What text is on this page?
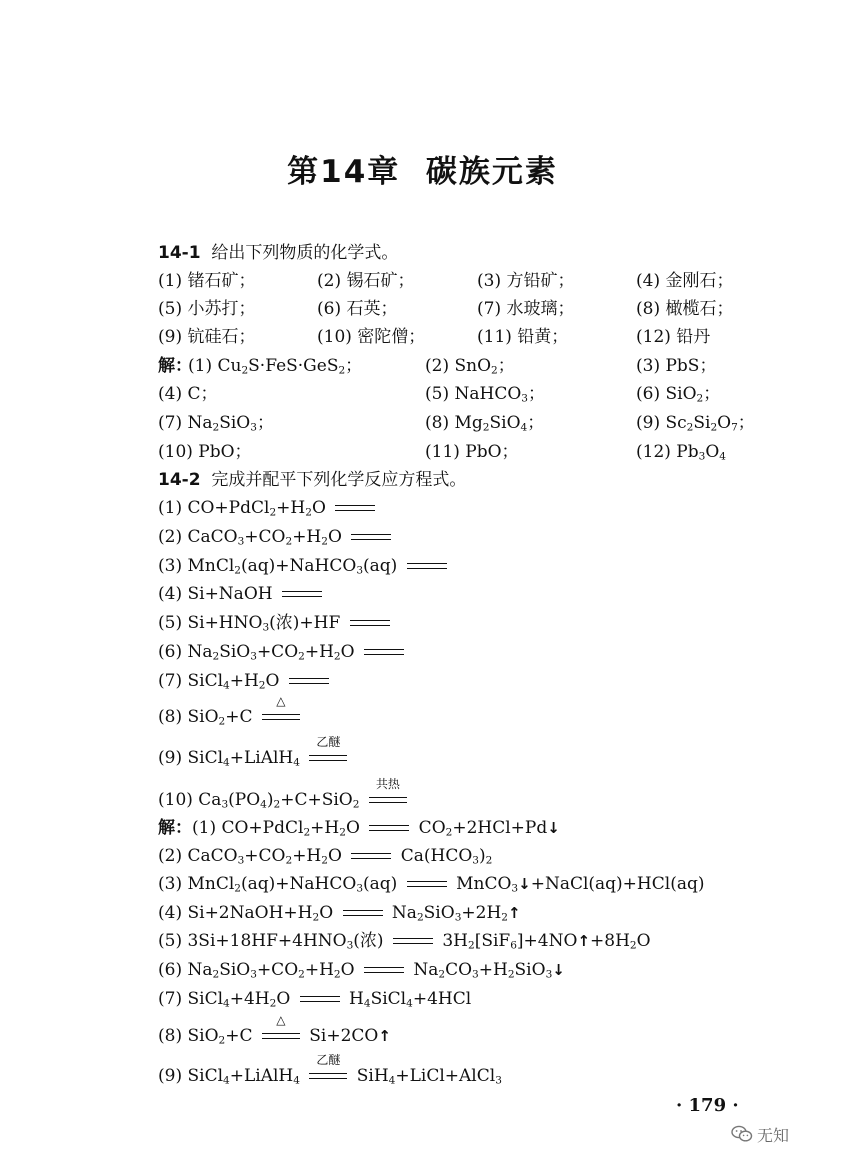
第14章  碳族元素
14-1  给出下列物质的化学式。
(1) 锗石矿；	(2) 锡石矿；	(3) 方铅矿；	(4) 金刚石；
(5) 小苏打；	(6) 石英；	(7) 水玻璃；	(8) 橄榄石；
(9) 钪硅石；	(10) 密陀僧；	(11) 铅黄；	(12) 铅丹
解：
(1) $Cu_2S\cdot FeS\cdot GeS_2$；	(2) SnO$_2$；	(3) PbS；
(4) C；	(5) NaHCO$_3$；	(6) SiO$_2$；
(7) $Na_2SiO_3$；	(8) $Mg_2SiO_4$；	(9) $Sc_2Si_2O_7$；
(10) PbO；	(11) PbO；	(12) $Pb_3O_4$
14-2  完成并配平下列化学反应方程式。
(1) $CO+PdCl_2+H_2O$
(2) $CaCO_3+CO_2+H_2O$
(3) MnCl$_2$(aq)+NaHCO$_3$(aq)
(4) Si+NaOH
(5) $Si+HNO_3$(浓)+HF
(6) $Na_2SiO_3+CO_2+H_2O$
(7) $SiCl_4+H_2O$
(8) SiO$_2$+C
△
(9) SiCl$_4$+LiAlH$_4$
乙醚
(10) $Ca_3(PO_4)_2+C+SiO_2$
共热
解：(1) $CO+PdCl_2+H_2O$	$CO_2+2HCl+Pd↓$
(2) $CaCO_3+CO_2+H_2O$	$Ca(HCO_3)_2$
(3) MnCl$_2$(aq)+NaHCO$_3$(aq)	MnCO$_3$↓+NaCl(aq)+HCl(aq)
(4) $Si+2NaOH+H_2O$	$Na_2SiO_3+2H_2↑$
(5) $3Si+18HF+4HNO_3$(浓)	$3H_2[SiF_6]+4NO↑+8H_2O$
(6) $Na_2SiO_3+CO_2+H_2O$	$Na_2CO_3+H_2SiO_3↓$
(7) $SiCl_4+4H_2O$	$H_4SiCl_4+4HCl$
(8) SiO$_2$+C
△
Si+2CO↑
(9) SiCl$_4$+LiAlH$_4$
乙醚
SiH$_4$+LiCl+AlCl$_3$
· 179 ·
无知
